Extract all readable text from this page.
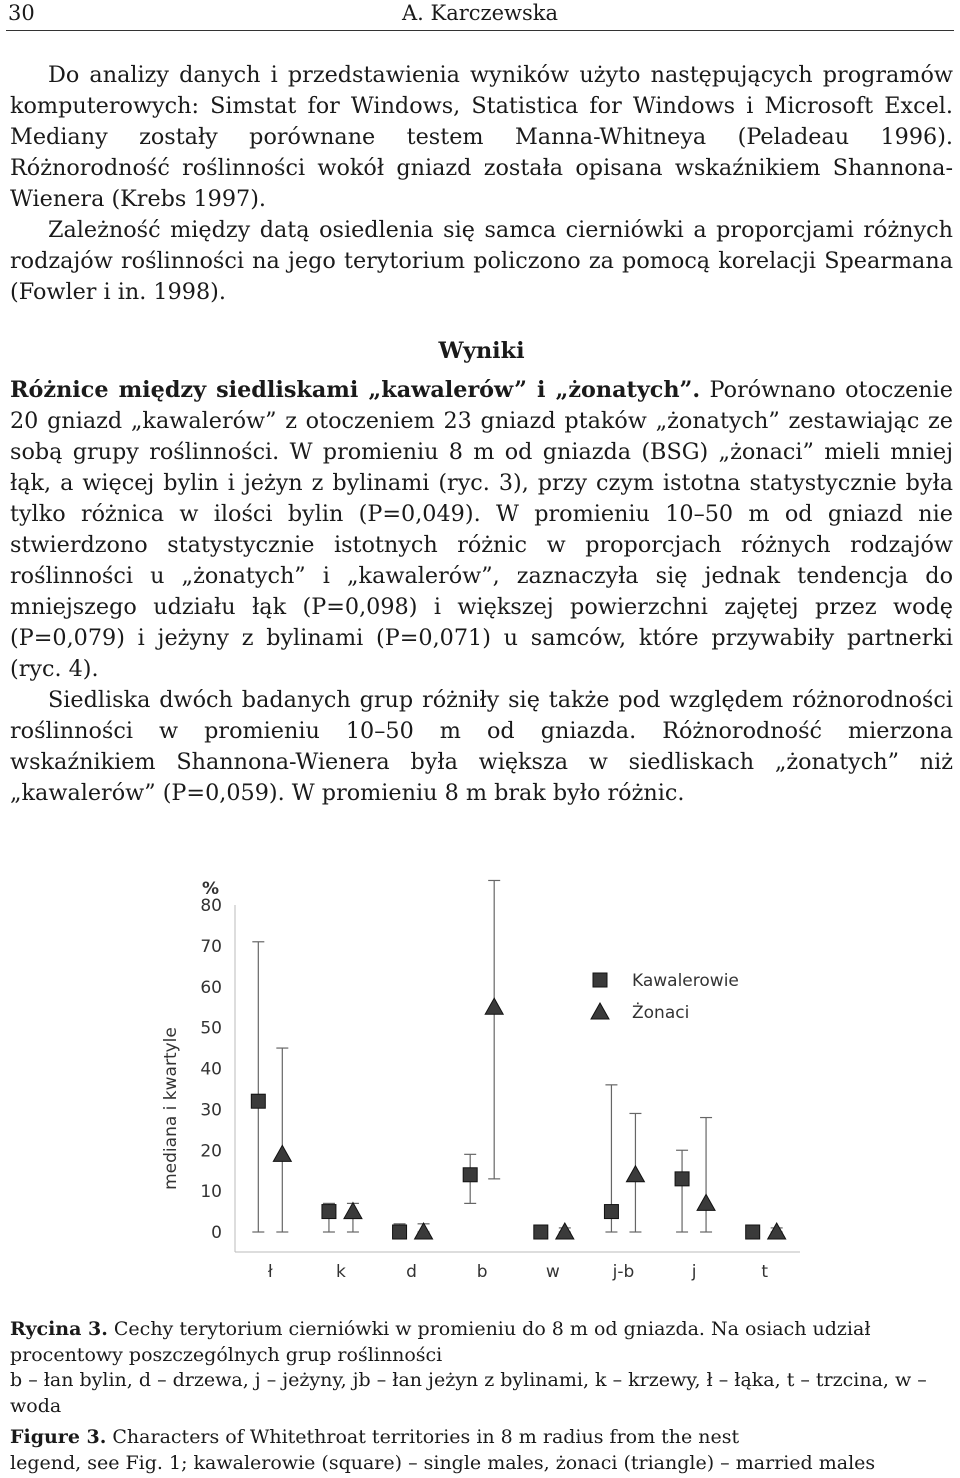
30	A. Karczewska

Do analizy danych i przedstawienia wyników użyto następujących programów komputerowych: Simstat for Windows, Statistica for Windows i Microsoft Excel. Mediany zostały porównane testem Manna-Whitneya (Peladeau 1996). Różnorodność roślinności wokół gniazd została opisana wskaźnikiem Shannona-Wienera (Krebs 1997).

Zależność między datą osiedlenia się samca cierniówki a proporcjami różnych rodzajów roślinności na jego terytorium policzono za pomocą korelacji Spearmana (Fowler i in. 1998).

Wyniki

Różnice między siedliskami „kawalerów” i „żonatych”. Porównano otoczenie 20 gniazd „kawalerów” z otoczeniem 23 gniazd ptaków „żonatych” zestawiając ze sobą grupy roślinności. W promieniu 8 m od gniazda (BSG) „żonaci” mieli mniej łąk, a więcej bylin i jeżyn z bylinami (ryc. 3), przy czym istotna statystycznie była tylko różnica w ilości bylin (P=0,049). W promieniu 10–50 m od gniazd nie stwierdzono statystycznie istotnych różnic w proporcjach różnych rodzajów roślinności u „żonatych” i „kawalerów”, zaznaczyła się jednak tendencja do mniejszego udziału łąk (P=0,098) i większej powierzchni zajętej przez wodę (P=0,079) i jeżyny z bylinami (P=0,071) u samców, które przywabiły partnerki (ryc. 4).

Siedliska dwóch badanych grup różniły się także pod względem różnorodności roślinności w promieniu 10–50 m od gniazda. Różnorodność mierzona wskaźnikiem Shannona-Wienera była większa w siedliskach „żonatych” niż „kawalerów” (P=0,059). W promieniu 8 m brak było różnic.

%
0
10
20
30
40
50
60
70
80
mediana i kwartyle
ł	k	d	b	w	j-b	j	t
Kawalerowie
Żonaci

Rycina 3. Cechy terytorium cierniówki w promieniu do 8 m od gniazda. Na osiach udział procentowy poszczególnych grup roślinności

b – łan bylin, d – drzewa, j – jeżyny, jb – łan jeżyn z bylinami, k – krzewy, ł – łąka, t – trzcina, w – woda

Figure 3. Characters of Whitethroat territories in 8 m radius from the nest

legend, see Fig. 1; kawalerowie (square) – single males, żonaci (triangle) – married males
